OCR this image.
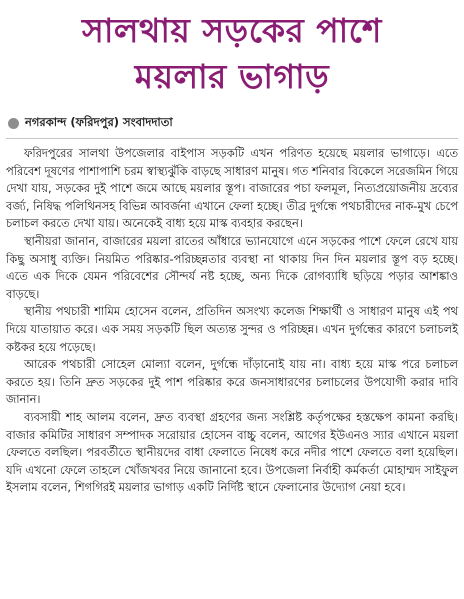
সালথায় সড়কের পাশে
ময়লার ভাগাড়
নগরকান্দ (ফরিদপুর) সংবাদদাতা

ফরিদপুরের সালথা উপজেলার বাইপাস সড়কটি এখন পরিণত হয়েছে ময়লার ভাগাড়ে। এতে পরিবেশ দূষণের পাশাপাশি চরম স্বাস্থ্যঝুঁকি বাড়ছে সাধারণ মানুষ। গত শনিবার বিকেলে সরেজমিন গিয়ে দেখা যায়, সড়কের দুই পাশে জমে আছে ময়লার স্তূপ। বাজারের পচা ফলমূল, নিত্যপ্রয়োজনীয় দ্রব্যের বর্জ্য, নিষিদ্ধ পলিথিনসহ বিভিন্ন আবর্জনা এখানে ফেলা হচ্ছে। তীব্র দুর্গন্ধে পথচারীদের নাক-মুখ চেপে চলাচল করতে দেখা যায়। অনেকেই বাধ্য হয়ে মাস্ক ব্যবহার করছেন।

স্থানীয়রা জানান, বাজারের ময়লা রাতের আঁধারে ভ্যানযোগে এনে সড়কের পাশে ফেলে রেখে যায় কিছু অসাধু ব্যক্তি। নিয়মিত পরিষ্কার-পরিচ্ছন্নতার ব্যবস্থা না থাকায় দিন দিন ময়লার স্তূপ বড় হচ্ছে। এতে এক দিকে যেমন পরিবেশের সৌন্দর্য নষ্ট হচ্ছে, অন্য দিকে রোগব্যাধি ছড়িয়ে পড়ার আশঙ্কাও বাড়ছে।

স্থানীয় পথচারী শামিম হোসেন বলেন, প্রতিদিন অসংখ্য কলেজ শিক্ষার্থী ও সাধারণ মানুষ এই পথ দিয়ে যাতায়াত করে। এক সময় সড়কটি ছিল অত্যন্ত সুন্দর ও পরিচ্ছন্ন। এখন দুর্গন্ধের কারণে চলাচলই কষ্টকর হয়ে পড়েছে।

আরেক পথচারী সোহেল মোল্যা বলেন, দুর্গন্ধে দাঁড়ানোই যায় না। বাধ্য হয়ে মাস্ক পরে চলাচল করতে হয়। তিনি দ্রুত সড়কের দুই পাশ পরিষ্কার করে জনসাধারণের চলাচলের উপযোগী করার দাবি জানান।

ব্যবসায়ী শাহ আলম বলেন, দ্রুত ব্যবস্থা গ্রহণের জন্য সংশ্লিষ্ট কর্তৃপক্ষের হস্তক্ষেপ কামনা করছি। বাজার কমিটির সাধারণ সম্পাদক সরোয়ার হোসেন বাচ্চু বলেন, আগের ইউএনও স্যার এখানে ময়লা ফেলতে বলছিল। পরবর্তীতে স্থানীয়দের বাধা ফেলাতে নিষেধ করে নদীর পাশে ফেলতে বলা হয়েছিল। যদি এখনো ফেলে তাহলে খোঁজখবর নিয়ে জানানো হবে। উপজেলা নির্বাহী কর্মকর্তা মোহাম্মদ সাইফুল ইসলাম বলেন, শিগগিরই ময়লার ভাগাড় একটি নির্দিষ্ট স্থানে ফেলানোর উদ্যোগ নেয়া হবে।
